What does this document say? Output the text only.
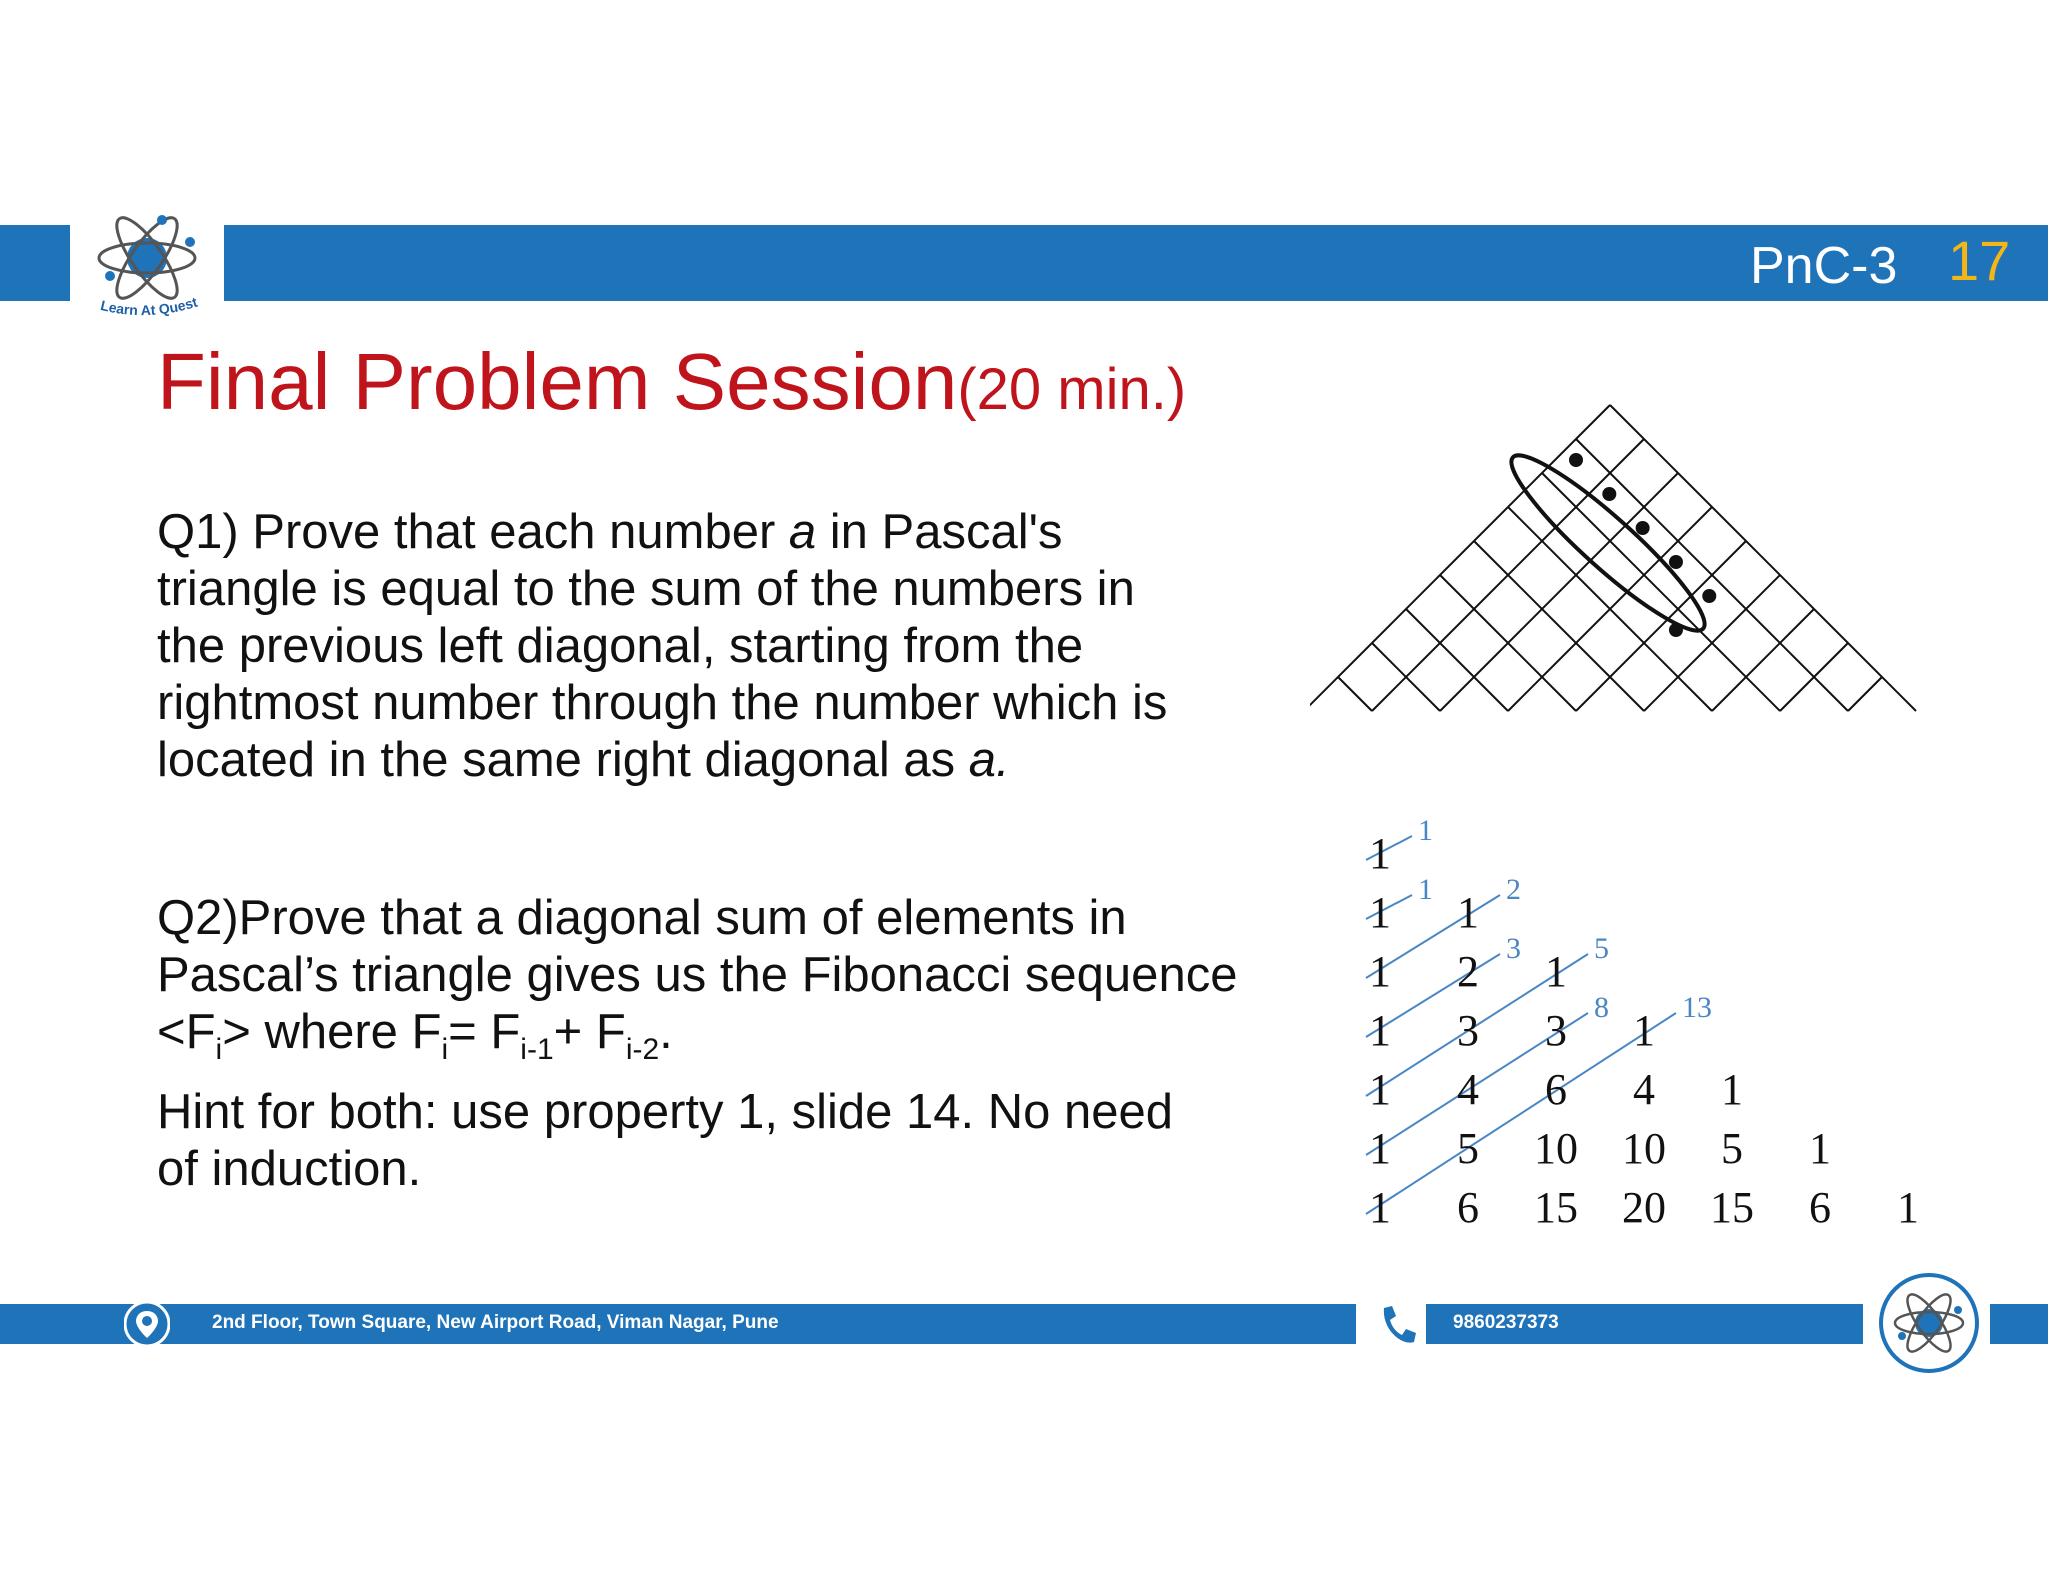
Learn At Quest
PnC-3 17
Final Problem Session(20 min.)
Q1) Prove that each number a in Pascal's
triangle is equal to the sum of the numbers in
the previous left diagonal, starting from the
rightmost number through the number which is
located in the same right diagonal as a.
Q2)Prove that a diagonal sum of elements in
Pascal’s triangle gives us the Fibonacci sequence
$<F_i>$ where $F_i= F_{i-1}+ F_{i-2}$.
Hint for both: use property 1, slide 14. No need
of induction.
1
1 1
1 2 1
1 3 3 1
1 4 6 4 1
1 5 10 10 5 1
1 6 15 20 15 6 1
1
1 2
3 5
8 13
2nd Floor, Town Square, New Airport Road, Viman Nagar, Pune	9860237373
